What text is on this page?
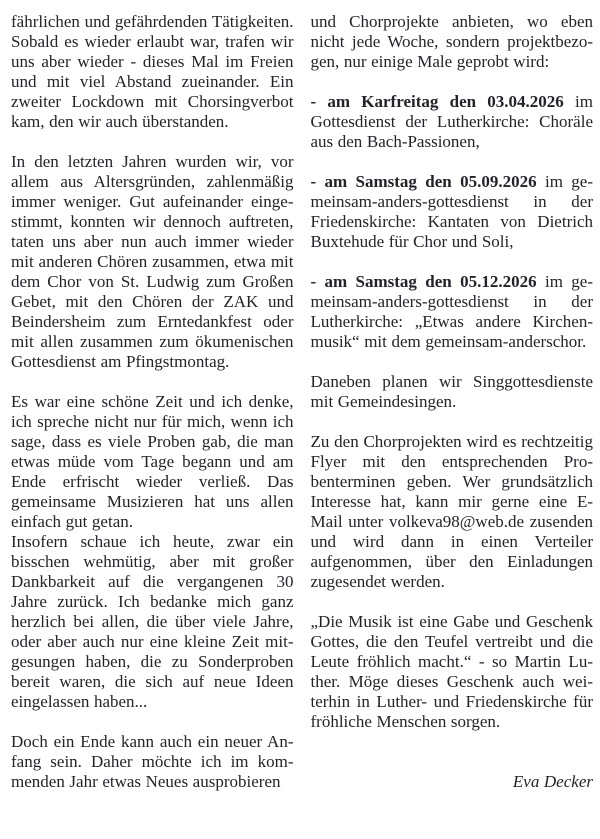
fährlichen und gefährdenden Tätigkeiten. Sobald es wieder erlaubt war, trafen wir uns aber wieder - dieses Mal im Freien und mit viel Abstand zueinander. Ein zweiter Lockdown mit Chorsingverbot kam, den wir auch überstanden.

In den letzten Jahren wurden wir, vor allem aus Altersgründen, zahlenmäßig immer weniger. Gut aufeinander eingestimmt, konnten wir dennoch auftreten, taten uns aber nun auch immer wieder mit anderen Chören zusammen, etwa mit dem Chor von St. Ludwig zum Großen Gebet, mit den Chören der ZAK und Beindersheim zum Erntedankfest oder mit allen zusammen zum ökumenischen Gottesdienst am Pfingstmontag.

Es war eine schöne Zeit und ich denke, ich spreche nicht nur für mich, wenn ich sage, dass es viele Proben gab, die man etwas müde vom Tage begann und am Ende erfrischt wieder verließ. Das gemeinsame Musizieren hat uns allen einfach gut getan.

Insofern schaue ich heute, zwar ein bisschen wehmütig, aber mit großer Dankbarkeit auf die vergangenen 30 Jahre zurück. Ich bedanke mich ganz herzlich bei allen, die über viele Jahre, oder aber auch nur eine kleine Zeit mitgesungen haben, die zu Sonderproben bereit waren, die sich auf neue Ideen eingelassen haben...

Doch ein Ende kann auch ein neuer Anfang sein. Daher möchte ich im kommenden Jahr etwas Neues ausprobieren

und Chorprojekte anbieten, wo eben nicht jede Woche, sondern projektbezogen, nur einige Male geprobt wird:

- am Karfreitag den 03.04.2026 im Gottesdienst der Lutherkirche: Choräle aus den Bach-Passionen,

- am Samstag den 05.09.2026 im gemeinsam-anders-gottesdienst in der Friedenskirche: Kantaten von Dietrich Buxtehude für Chor und Soli,

- am Samstag den 05.12.2026 im gemeinsam-anders-gottesdienst in der Lutherkirche: „Etwas andere Kirchenmusik“ mit dem gemeinsam-anderschor.

Daneben planen wir Singgottesdienste mit Gemeindesingen.

Zu den Chorprojekten wird es rechtzeitig Flyer mit den entsprechenden Probenterminen geben. Wer grundsätzlich Interesse hat, kann mir gerne eine E-Mail unter volkeva98@web.de zusenden und wird dann in einen Verteiler aufgenommen, über den Einladungen zugesendet werden.

„Die Musik ist eine Gabe und Geschenk Gottes, die den Teufel vertreibt und die Leute fröhlich macht.“ - so Martin Luther. Möge dieses Geschenk auch weiterhin in Luther- und Friedenskirche für fröhliche Menschen sorgen.

Eva Decker
